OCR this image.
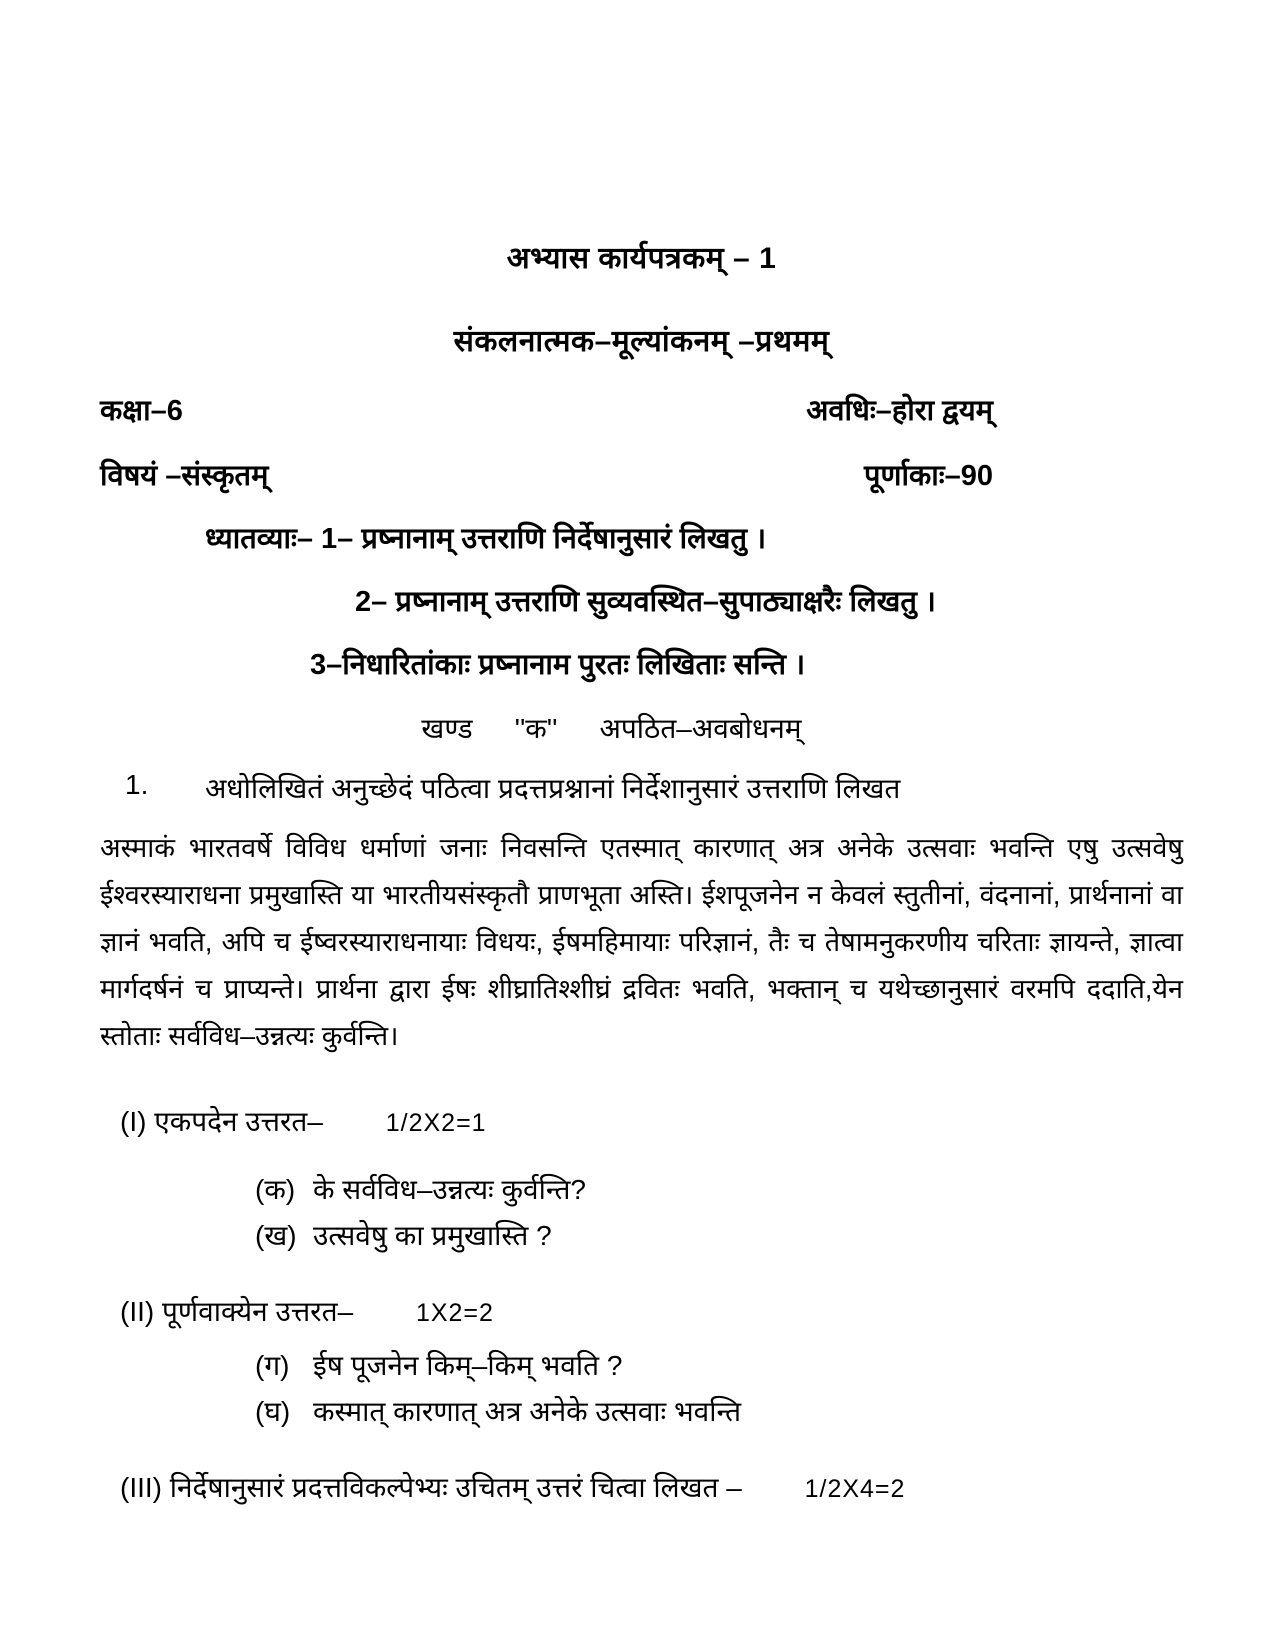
अभ्यास कार्यपत्रकम् – 1
संकलनात्मक–मूल्यांकनम् –प्रथमम्
कक्षा–6	अवधिः–होरा द्वयम्
विषयं –संस्कृतम्	पूर्णाकाः–90
ध्यातव्याः– 1– प्रष्नानाम् उत्तराणि निर्देषानुसारं लिखतु ।
2– प्रष्नानाम् उत्तराणि सुव्यवस्थित–सुपाठ्याक्षरैः लिखतु ।
3–निधारितांकाः प्रष्नानाम पुरतः लिखिताः सन्ति ।
खण्ड ''क'' अपठित–अवबोधनम्
1.	अधोलिखितं अनुच्छेदं पठित्वा प्रदत्तप्रश्नानां निर्देशानुसारं उत्तराणि लिखत
अस्माकं भारतवर्षे विविध धर्माणां जनाः निवसन्ति एतस्मात् कारणात् अत्र अनेके उत्सवाः भवन्ति एषु उत्सवेषु ईश्वरस्याराधना प्रमुखास्ति या भारतीयसंस्कृतौ प्राणभूता अस्ति। ईशपूजनेन न केवलं स्तुतीनां, वंदनानां, प्रार्थनानां वा ज्ञानं भवति, अपि च ईष्वरस्याराधनायाः विधयः, ईषमहिमायाः परिज्ञानं, तैः च तेषामनुकरणीय चरिताः ज्ञायन्ते, ज्ञात्वा मार्गदर्षनं च प्राप्यन्ते। प्रार्थना द्वारा ईषः शीघ्रातिश्शीघ्रं द्रवितः भवति, भक्तान् च यथेच्छानुसारं वरमपि ददाति,येन स्तोताः सर्वविध–उन्नत्यः कुर्वन्ति।
(I) एकपदेन उत्तरत–	1/2X2=1
(क) के सर्वविध–उन्नत्यः कुर्वन्ति?
(ख) उत्सवेषु का प्रमुखास्ति ?
(II) पूर्णवाक्येन उत्तरत–	1X2=2
(ग) ईष पूजनेन किम्–किम् भवति ?
(घ) कस्मात् कारणात् अत्र अनेके उत्सवाः भवन्ति
(III) निर्देषानुसारं प्रदत्तविकल्पेभ्यः उचितम् उत्तरं चित्वा लिखत –	1/2X4=2
